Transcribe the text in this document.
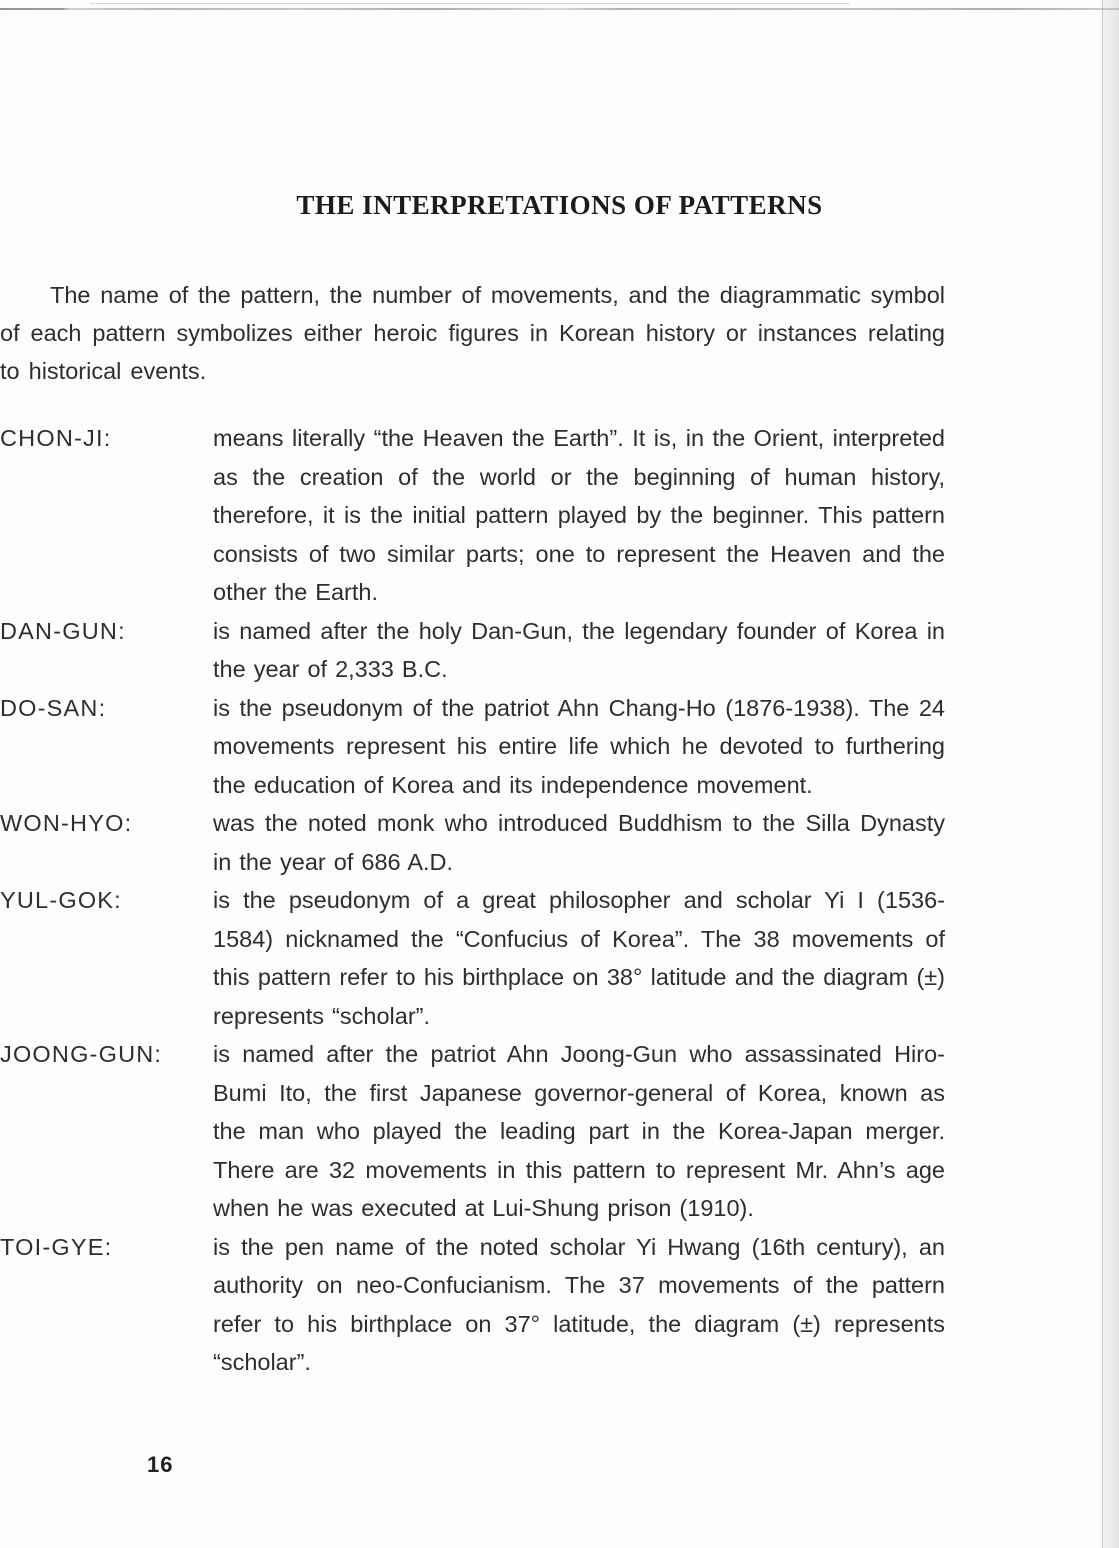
THE INTERPRETATIONS OF PATTERNS

The name of the pattern, the number of movements, and the diagrammatic symbol of each pattern symbolizes either heroic figures in Korean history or instances relating to historical events.

CHON-JI:	means literally “the Heaven the Earth”. It is, in the Orient, interpreted as the creation of the world or the beginning of human history, therefore, it is the initial pattern played by the beginner. This pattern consists of two similar parts; one to represent the Heaven and the other the Earth.
DAN-GUN:	is named after the holy Dan-Gun, the legendary founder of Korea in the year of 2,333 B.C.
DO-SAN:	is the pseudonym of the patriot Ahn Chang-Ho (1876-1938). The 24 movements represent his entire life which he devoted to furthering the education of Korea and its independence movement.
WON-HYO:	was the noted monk who introduced Buddhism to the Silla Dynasty in the year of 686 A.D.
YUL-GOK:	is the pseudonym of a great philosopher and scholar Yi I (1536-1584) nicknamed the “Confucius of Korea”. The 38 movements of this pattern refer to his birthplace on 38° latitude and the diagram (±) represents “scholar”.
JOONG-GUN:	is named after the patriot Ahn Joong-Gun who assassinated Hiro-Bumi Ito, the first Japanese governor-general of Korea, known as the man who played the leading part in the Korea-Japan merger. There are 32 movements in this pattern to represent Mr. Ahn’s age when he was executed at Lui-Shung prison (1910).
TOI-GYE:	is the pen name of the noted scholar Yi Hwang (16th century), an authority on neo-Confucianism. The 37 movements of the pattern refer to his birthplace on 37° latitude, the diagram (±) represents “scholar”.
16
